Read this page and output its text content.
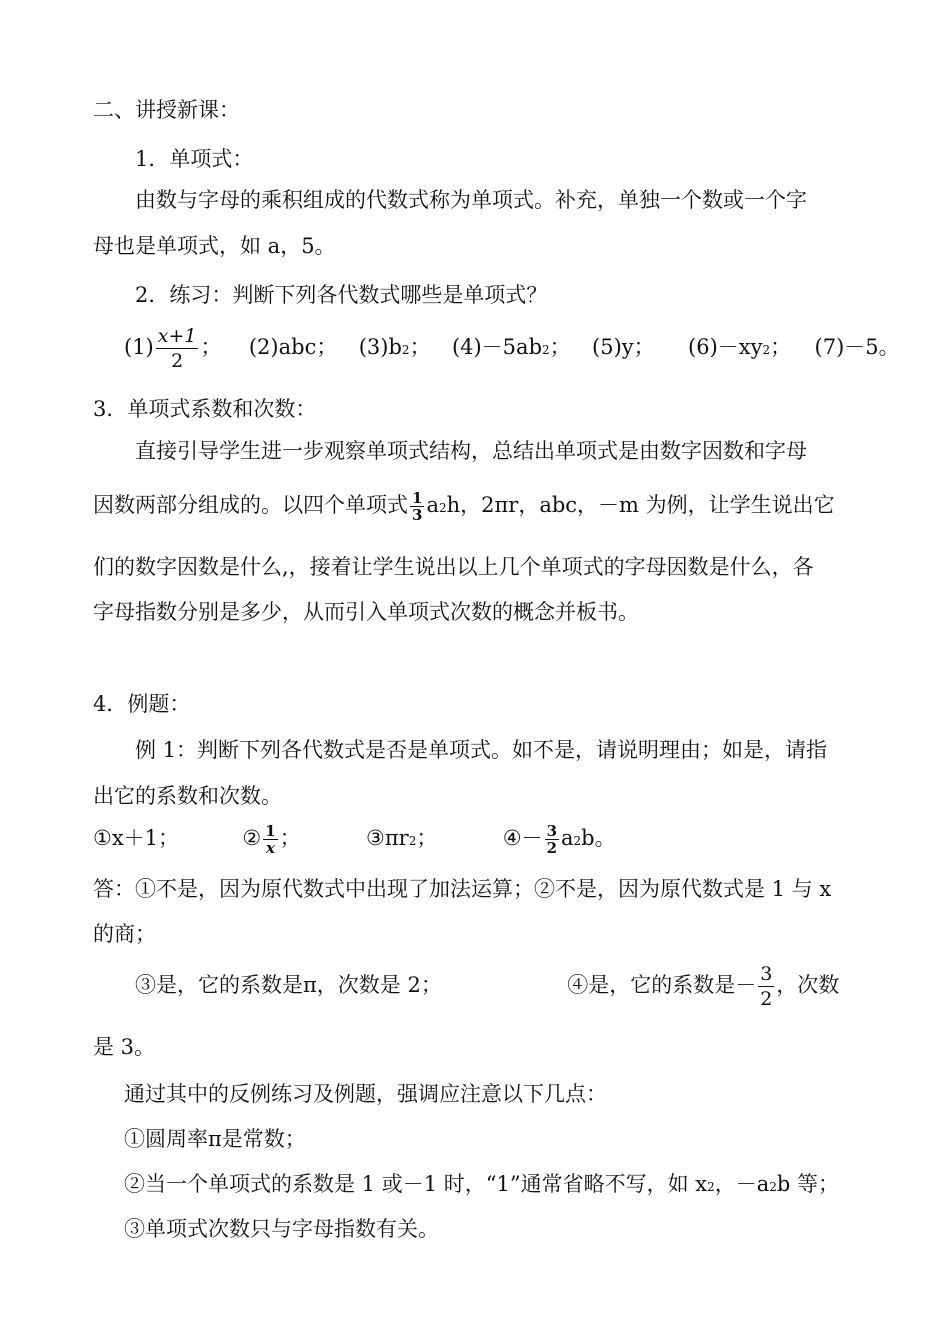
二、讲授新课：
1．单项式：
由数与字母的乘积组成的代数式称为单项式。补充，单独一个数或一个字
母也是单项式，如 a，5。
2．练习：判断下列各代数式哪些是单项式？
$(1) \frac{x+1}{2}$ ； (2)abc； (3)b2； (4)－5ab2； (5)y； (6)－xy2； (7)－5。
3．单项式系数和次数：
直接引导学生进一步观察单项式结构，总结出单项式是由数字因数和字母
因数两部分组成的。以四个单项式 $\frac{1}{3} a2h$，2πr，abc，－m 为例，让学生说出它
们的数字因数是什么,，接着让学生说出以上几个单项式的字母因数是什么，各
字母指数分别是多少，从而引入单项式次数的概念并板书。
4．例题：
例 1：判断下列各代数式是否是单项式。如不是，请说明理由；如是，请指
出它的系数和次数。
①x＋1；	② $\frac{1}{x}$ ；	③πr2；	④－ $\frac{3}{2} a2b$。
答：①不是，因为原代数式中出现了加法运算；②不是，因为原代数式是 1 与 x
的商；
③是，它的系数是π，次数是 2；	④是，它的系数是－ $\frac{3}{2}$ ，次数
是 3。
通过其中的反例练习及例题，强调应注意以下几点：
①圆周率π是常数；
②当一个单项式的系数是 1 或－1 时，“1”通常省略不写，如 x2，－a2b 等；
③单项式次数只与字母指数有关。
